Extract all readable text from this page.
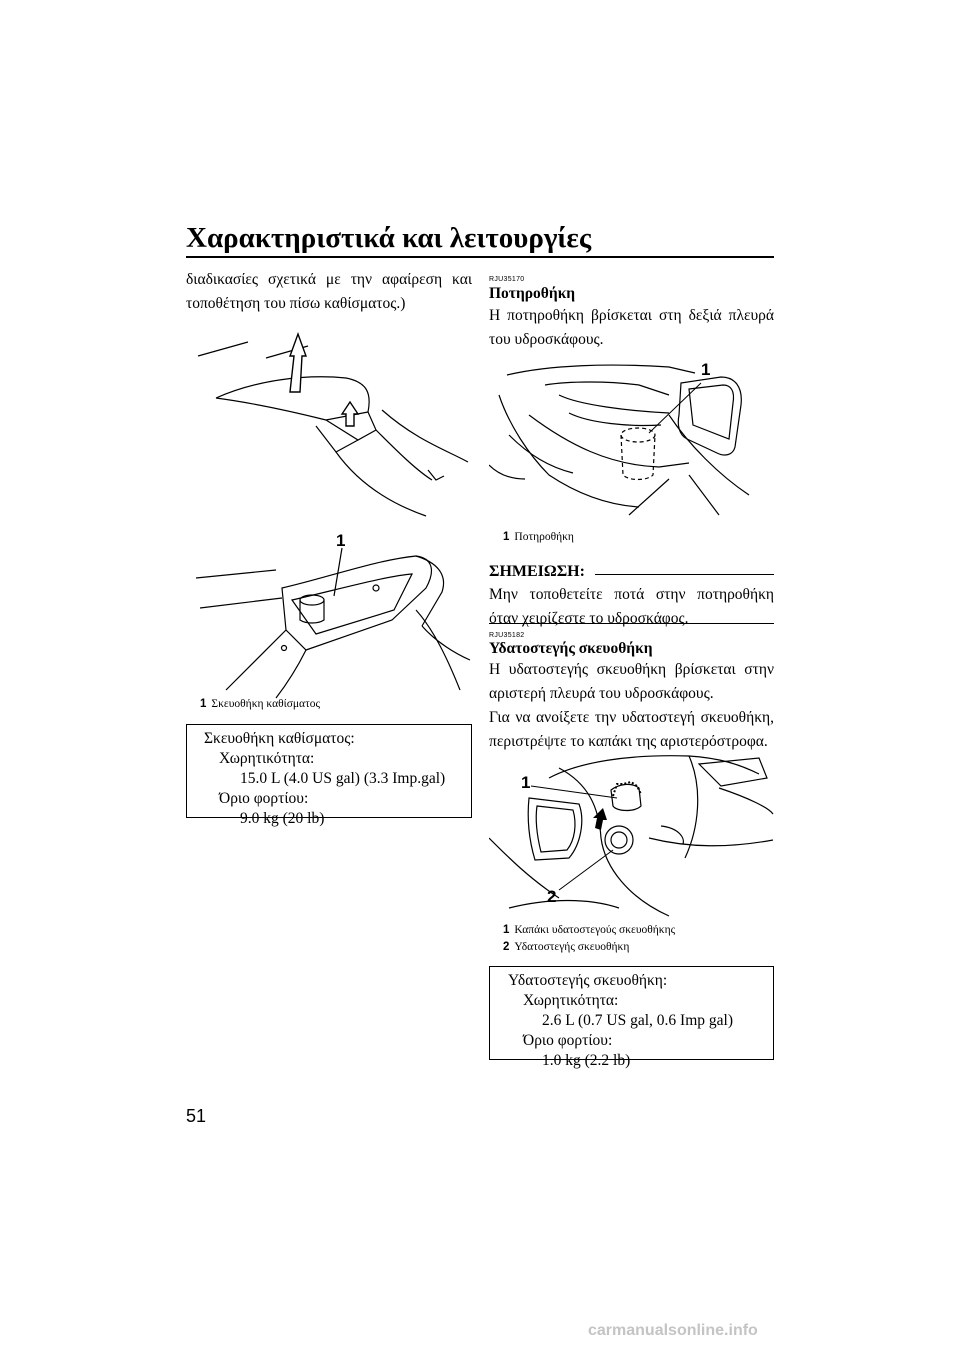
Χαρακτηριστικά και λειτουργίες
διαδικασίες σχετικά με την αφαίρεση και τοποθέτηση του πίσω καθίσματος.)
1
1 Σκευοθήκη καθίσματος
Σκευοθήκη καθίσματος:
Χωρητικότητα:
15.0 L (4.0 US gal) (3.3 Imp.gal)
Όριο φορτίου:
9.0 kg (20 lb)
RJU35170
Ποτηροθήκη
Η ποτηροθήκη βρίσκεται στη δεξιά πλευρά του υδροσκάφους.
1
1 Ποτηροθήκη
ΣΗΜΕΙΩΣΗ:
Μην τοποθετείτε ποτά στην ποτηροθήκη όταν χειρίζεστε το υδροσκάφος.
RJU35182
Υδατοστεγής σκευοθήκη
Η υδατοστεγής σκευοθήκη βρίσκεται στην αριστερή πλευρά του υδροσκάφους.
Για να ανοίξετε την υδατοστεγή σκευοθήκη, περιστρέψτε το καπάκι της αριστερόστροφα.
1
2
1 Καπάκι υδατοστεγούς σκευοθήκης
2 Υδατοστεγής σκευοθήκη
Υδατοστεγής σκευοθήκη:
Χωρητικότητα:
2.6 L (0.7 US gal, 0.6 Imp gal)
Όριο φορτίου:
1.0 kg (2.2 lb)
51
carmanualsonline.info
